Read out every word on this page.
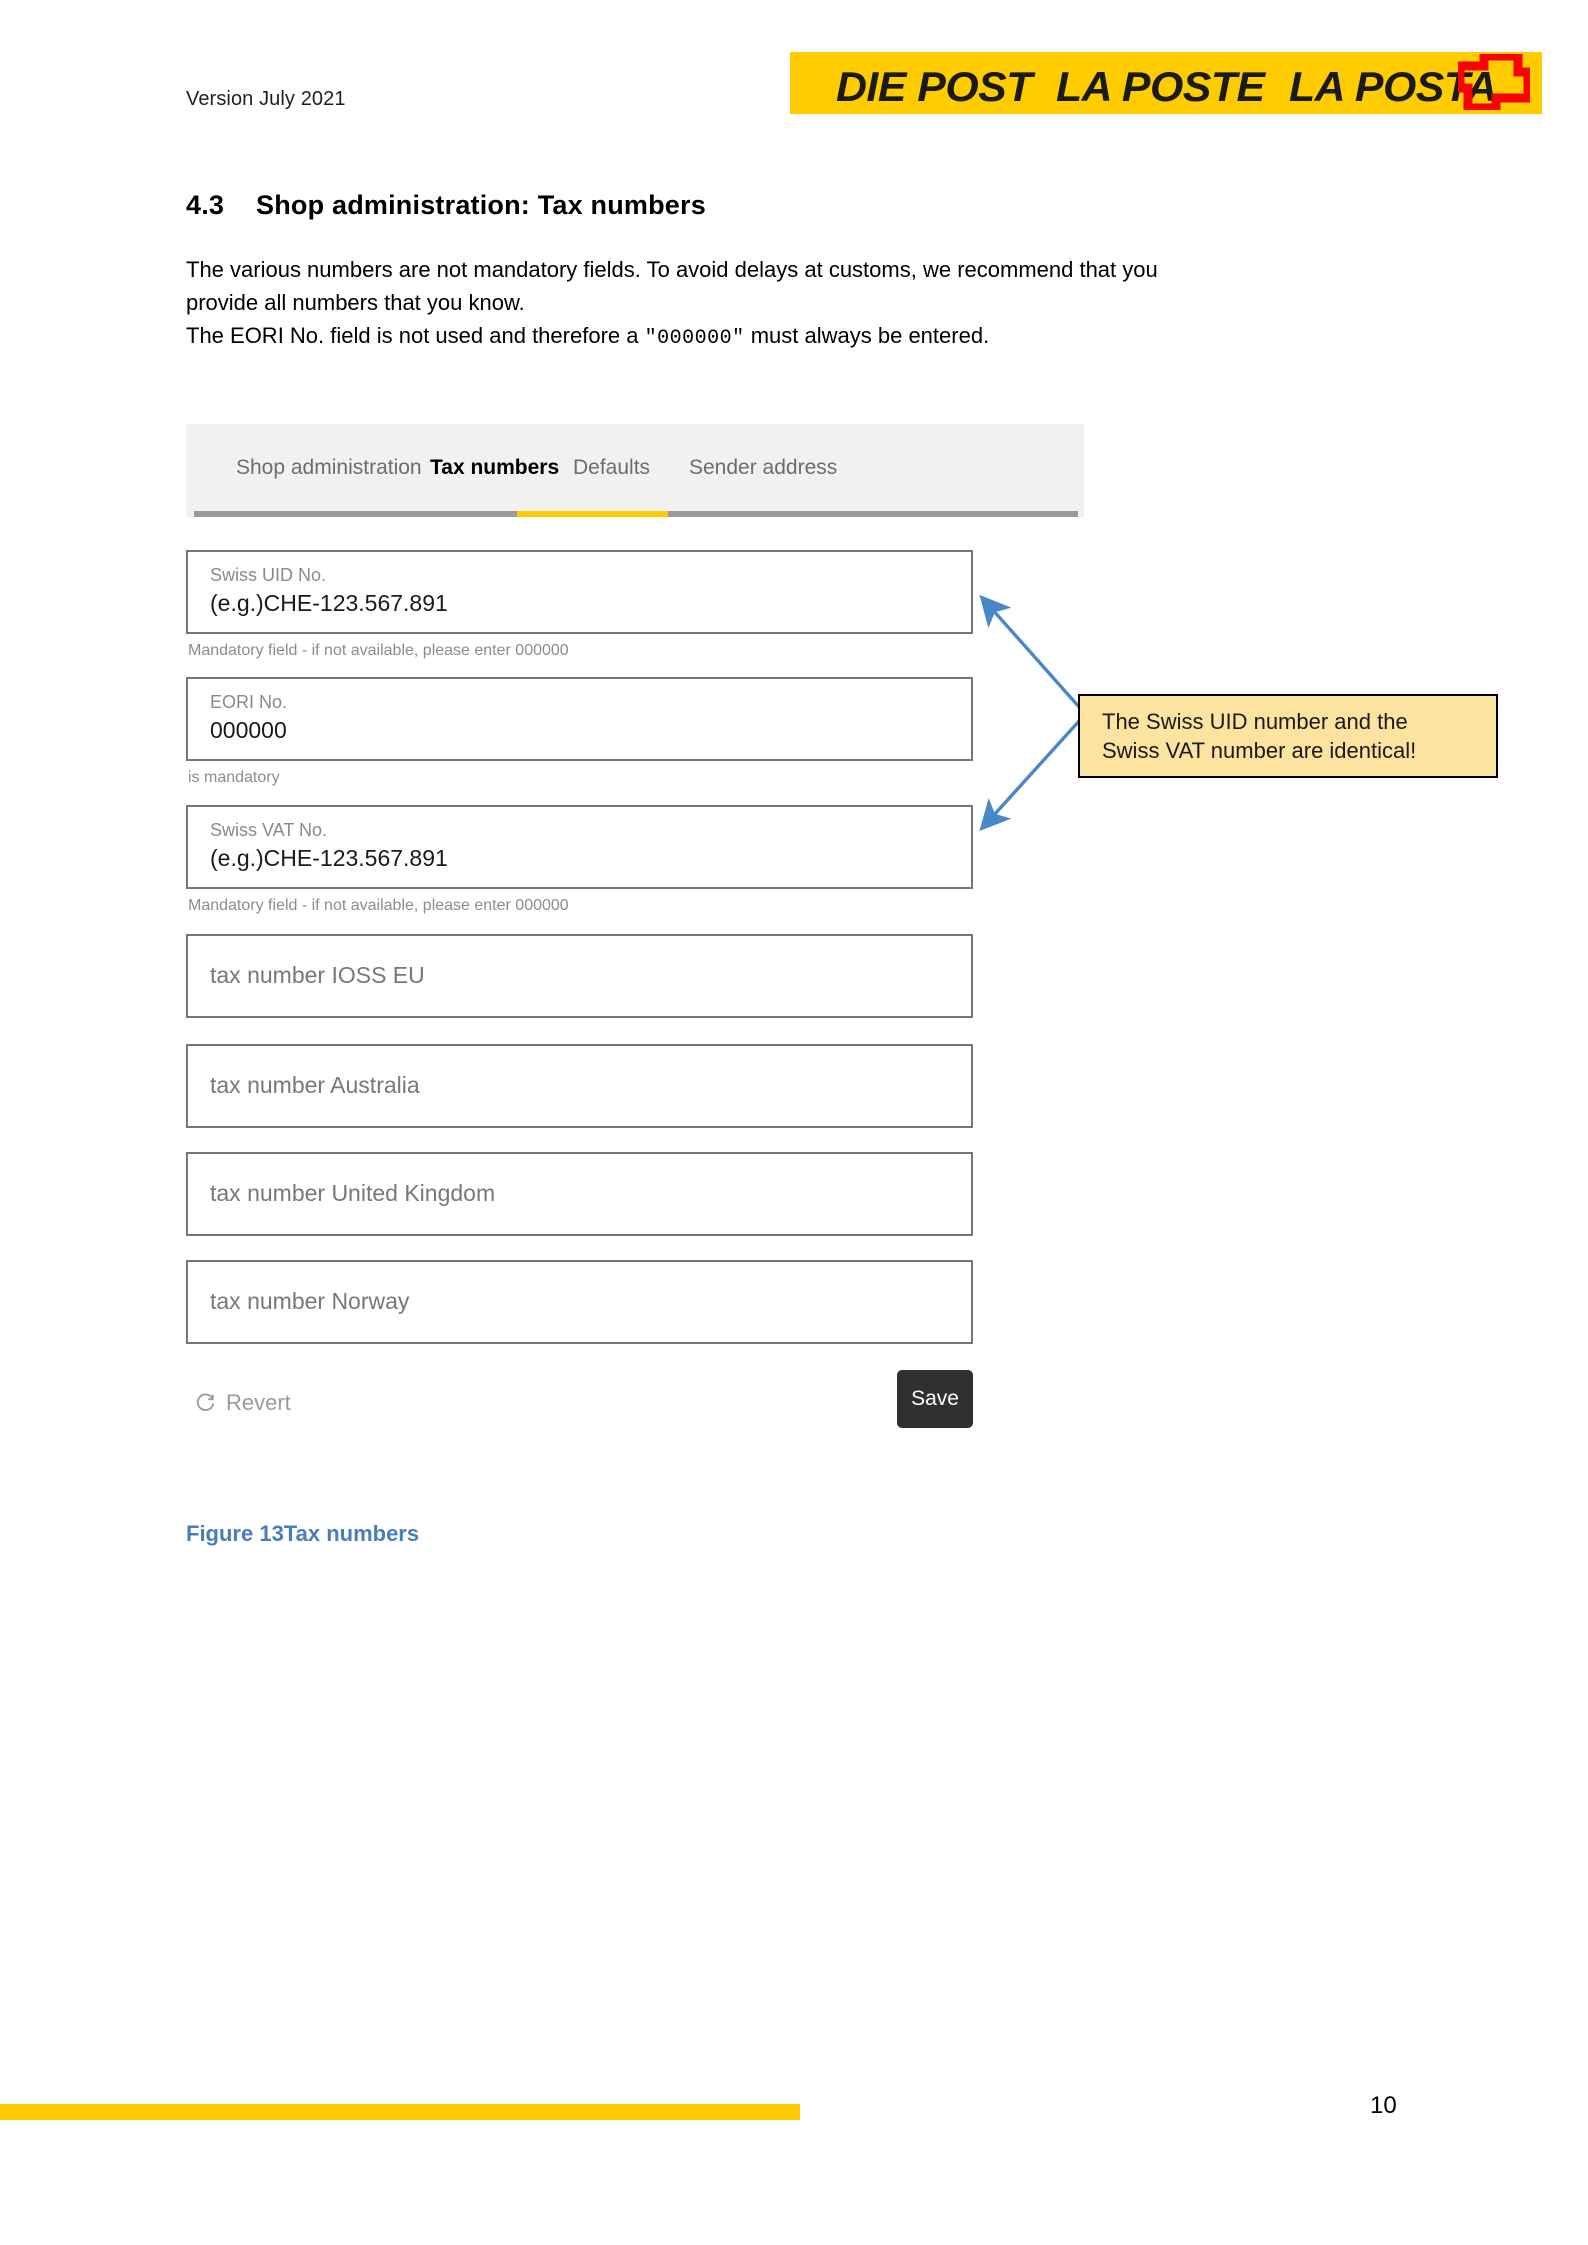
Version July 2021	DIE POST LA POSTE LA POSTA
4.3 Shop administration: Tax numbers
The various numbers are not mandatory fields. To avoid delays at customs, we recommend that you
provide all numbers that you know.
The EORI No. field is not used and therefore a "000000" must always be entered.
Shop administration Tax numbers Defaults	Sender address
Swiss UID No.
(e.g.)CHE-123.567.891
Mandatory field - if not available, please enter 000000
EORI No.
000000
is mandatory
Swiss VAT No.
(e.g.)CHE-123.567.891
Mandatory field - if not available, please enter 000000
tax number IOSS EU
tax number Australia
tax number United Kingdom
tax number Norway
Revert	Save
The Swiss UID number and the
Swiss VAT number are identical!
Figure 13Tax numbers
10
